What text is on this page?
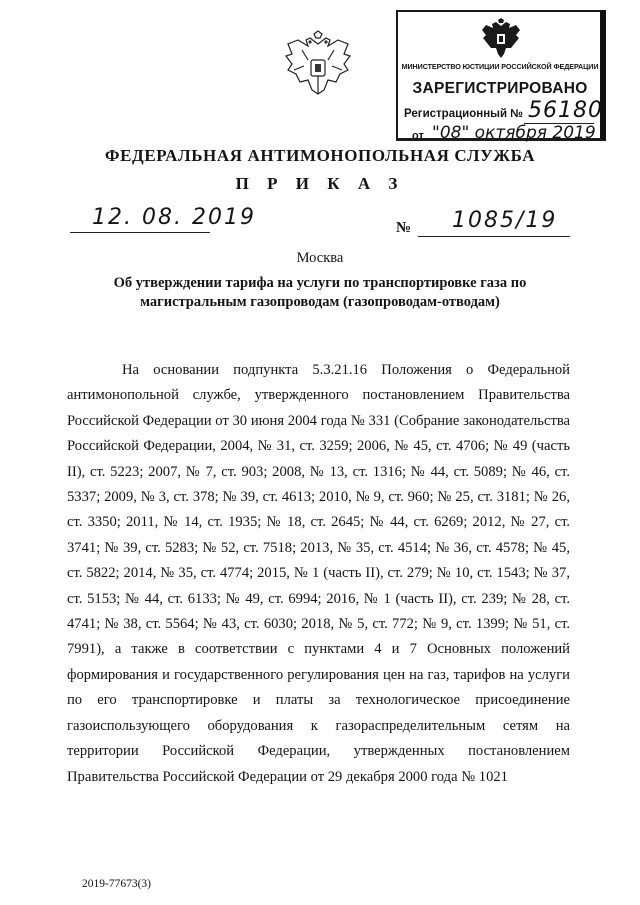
МИНИСТЕРСТВО ЮСТИЦИИ РОССИЙСКОЙ ФЕДЕРАЦИИ
ЗАРЕГИСТРИРОВАНО
Регистрационный № 56180
от "08" октября 2019
ФЕДЕРАЛЬНАЯ АНТИМОНОПОЛЬНАЯ СЛУЖБА
П Р И К А З
12. 08. 2019	№ 1085/19
Москва
Об утверждении тарифа на услуги по транспортировке газа по магистральным газопроводам (газопроводам-отводам)

На основании подпункта 5.3.21.16 Положения о Федеральной антимонопольной службе, утвержденного постановлением Правительства Российской Федерации от 30 июня 2004 года № 331 (Собрание законодательства Российской Федерации, 2004, № 31, ст. 3259; 2006, № 45, ст. 4706; № 49 (часть II), ст. 5223; 2007, № 7, ст. 903; 2008, № 13, ст. 1316; № 44, ст. 5089; № 46, ст. 5337; 2009, № 3, ст. 378; № 39, ст. 4613; 2010, № 9, ст. 960; № 25, ст. 3181; № 26, ст. 3350; 2011, № 14, ст. 1935; № 18, ст. 2645; № 44, ст. 6269; 2012, № 27, ст. 3741; № 39, ст. 5283; № 52, ст. 7518; 2013, № 35, ст. 4514; № 36, ст. 4578; № 45, ст. 5822; 2014, № 35, ст. 4774; 2015, № 1 (часть II), ст. 279; № 10, ст. 1543; № 37, ст. 5153; № 44, ст. 6133; № 49, ст. 6994; 2016, № 1 (часть II), ст. 239; № 28, ст. 4741; № 38, ст. 5564; № 43, ст. 6030; 2018, № 5, ст. 772; № 9, ст. 1399; № 51, ст. 7991), а также в соответствии с пунктами 4 и 7 Основных положений формирования и государственного регулирования цен на газ, тарифов на услуги по его транспортировке и платы за технологическое присоединение газоиспользующего оборудования к газораспределительным сетям на территории Российской Федерации, утвержденных постановлением Правительства Российской Федерации от 29 декабря 2000 года № 1021

2019-77673(3)
